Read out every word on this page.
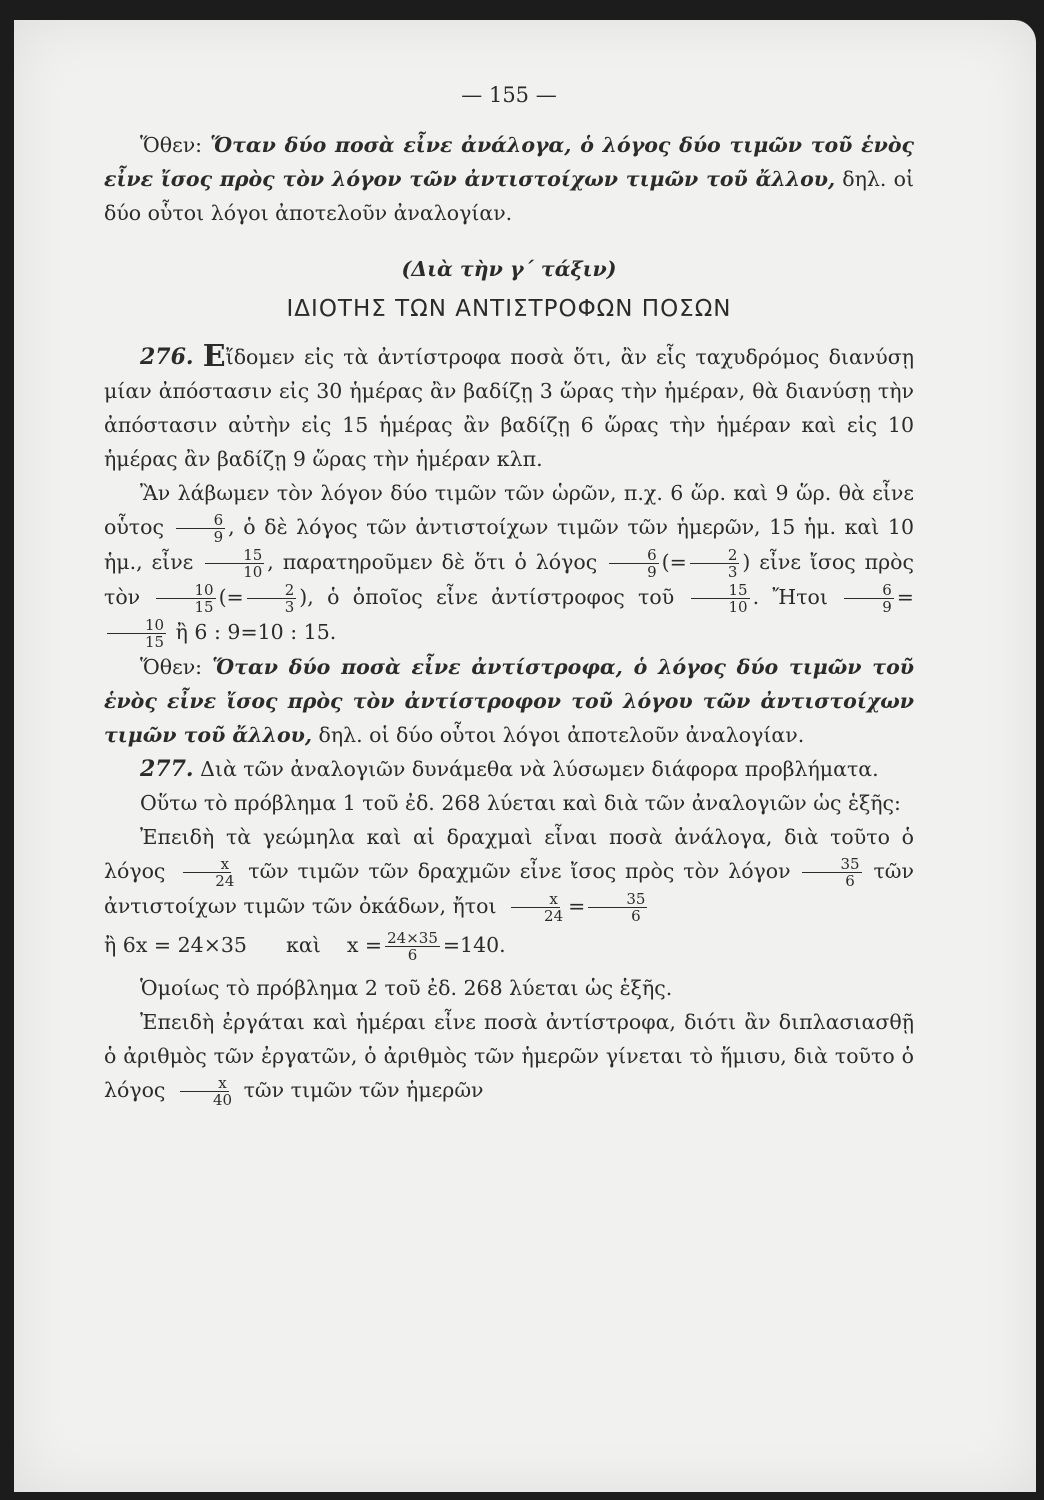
— 155 —

Ὅθεν: Ὅταν δύο ποσὰ εἶνε ἀνάλογα, ὁ λόγος δύο τιμῶν τοῦ ἑνὸς εἶνε ἴσος πρὸς τὸν λόγον τῶν ἀντιστοίχων τιμῶν τοῦ ἄλλου, δηλ. οἱ δύο οὗτοι λόγοι ἀποτελοῦν ἀναλογίαν.

(Διὰ τὴν γ΄ τάξιν)
ΙΔΙΟΤΗΣ ΤΩΝ ΑΝΤΙΣΤΡΟΦΩΝ ΠΟΣΩΝ

276. Εἴδομεν εἰς τὰ ἀντίστροφα ποσὰ ὅτι, ἂν εἷς ταχυδρόμος διανύσῃ μίαν ἀπόστασιν εἰς 30 ἡμέρας ἂν βαδίζῃ 3 ὥρας τὴν ἡμέραν, θὰ διανύσῃ τὴν ἀπόστασιν αὐτὴν εἰς 15 ἡμέρας ἂν βαδίζῃ 6 ὥρας τὴν ἡμέραν καὶ εἰς 10 ἡμέρας ἂν βαδίζῃ 9 ὥρας τὴν ἡμέραν κλπ.

Ἂν λάβωμεν τὸν λόγον δύο τιμῶν τῶν ὡρῶν, π.χ. 6 ὥρ. καὶ 9 ὥρ. θὰ εἶνε οὗτος $\frac{6}{9}$ , ὁ δὲ λόγος τῶν ἀντιστοίχων τιμῶν τῶν ἡμερῶν, 15 ἡμ. καὶ 10 ἡμ., εἶνε $\frac{15}{10}$ , παρατηροῦμεν δὲ ὅτι ὁ λόγος $\frac{6}{9}$ (= $\frac{2}{3}$ ) εἶνε ἴσος πρὸς τὸν $\frac{10}{15}$ (= $\frac{2}{3}$ ), ὁ ὁποῖος εἶνε ἀντίστροφος τοῦ $\frac{15}{10}$ . Ἤτοι $\frac{6}{9}$ =
$\frac{10}{15}$ ἢ 6 : 9=10 : 15.

Ὅθεν: Ὅταν δύο ποσὰ εἶνε ἀντίστροφα, ὁ λόγος δύο τιμῶν τοῦ ἑνὸς εἶνε ἴσος πρὸς τὸν ἀντίστροφον τοῦ λόγου τῶν ἀντιστοίχων τιμῶν τοῦ ἄλλου, δηλ. οἱ δύο οὗτοι λόγοι ἀποτελοῦν ἀναλογίαν.

277. Διὰ τῶν ἀναλογιῶν δυνάμεθα νὰ λύσωμεν διάφορα προβλήματα.

Οὕτω τὸ πρόβλημα 1 τοῦ ἐδ. 268 λύεται καὶ διὰ τῶν ἀναλογιῶν ὡς ἑξῆς:

Ἐπειδὴ τὰ γεώμηλα καὶ αἱ δραχμαὶ εἶναι ποσὰ ἀνάλογα, διὰ τοῦτο ὁ λόγος $\frac{x}{24}$ τῶν τιμῶν τῶν δραχμῶν εἶνε ἴσος πρὸς τὸν λόγον $\frac{35}{6}$ τῶν ἀντιστοίχων τιμῶν τῶν ὀκάδων, ἤτοι $\frac{x}{24} = \frac{35}{6}$

ἢ 6x = 24×35 καὶ $x = \frac{24\times 35}{6} =140$.

Ὁμοίως τὸ πρόβλημα 2 τοῦ ἐδ. 268 λύεται ὡς ἑξῆς.

Ἐπειδὴ ἐργάται καὶ ἡμέραι εἶνε ποσὰ ἀντίστροφα, διότι ἂν διπλασιασθῇ ὁ ἀριθμὸς τῶν ἐργατῶν, ὁ ἀριθμὸς τῶν ἡμερῶν γίνεται τὸ ἥμισυ, διὰ τοῦτο ὁ λόγος $\frac{x}{40}$ τῶν τιμῶν τῶν ἡμερῶν
